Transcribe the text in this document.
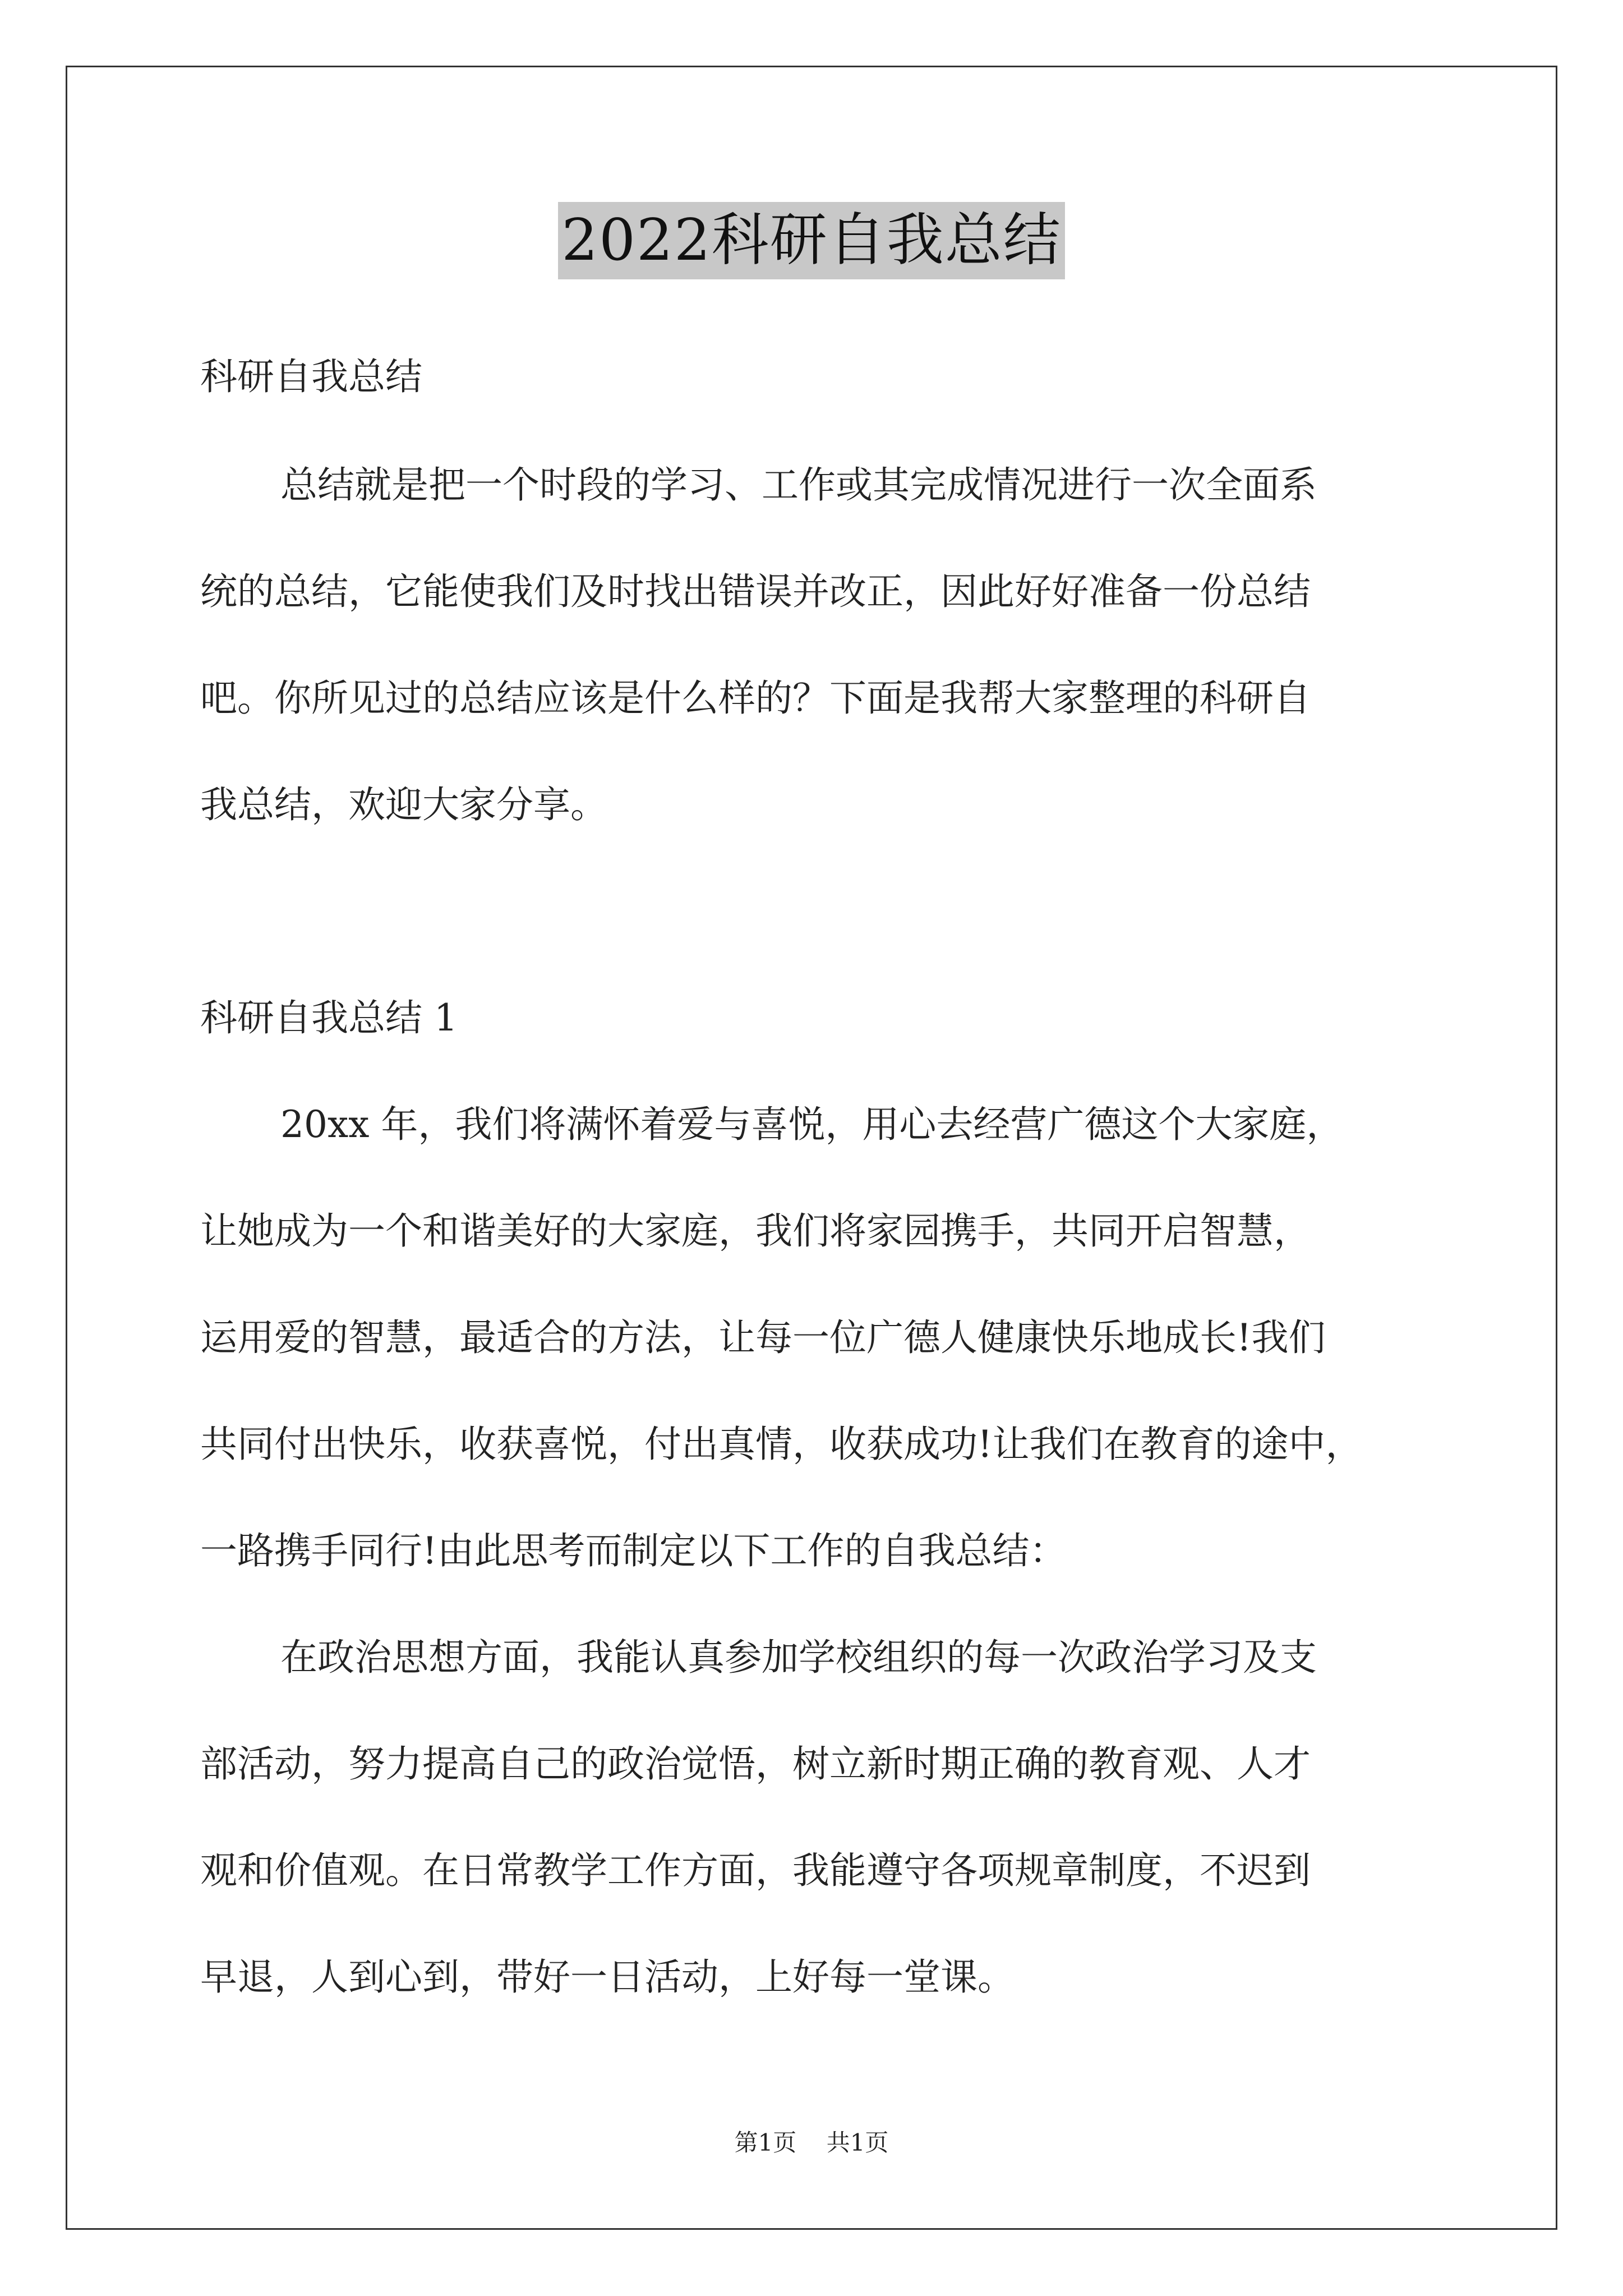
2022科研自我总结

科研自我总结

总结就是把一个时段的学习、工作或其完成情况进行一次全面系

统的总结，它能使我们及时找出错误并改正，因此好好准备一份总结

吧。你所见过的总结应该是什么样的？下面是我帮大家整理的科研自

我总结，欢迎大家分享。

科研自我总结 1

20xx 年，我们将满怀着爱与喜悦，用心去经营广德这个大家庭，

让她成为一个和谐美好的大家庭，我们将家园携手，共同开启智慧，

运用爱的智慧，最适合的方法，让每一位广德人健康快乐地成长!我们

共同付出快乐，收获喜悦，付出真情，收获成功!让我们在教育的途中，

一路携手同行!由此思考而制定以下工作的自我总结：

在政治思想方面，我能认真参加学校组织的每一次政治学习及支

部活动，努力提高自己的政治觉悟，树立新时期正确的教育观、人才

观和价值观。在日常教学工作方面，我能遵守各项规章制度，不迟到

早退，人到心到，带好一日活动，上好每一堂课。

第1页 共1页
